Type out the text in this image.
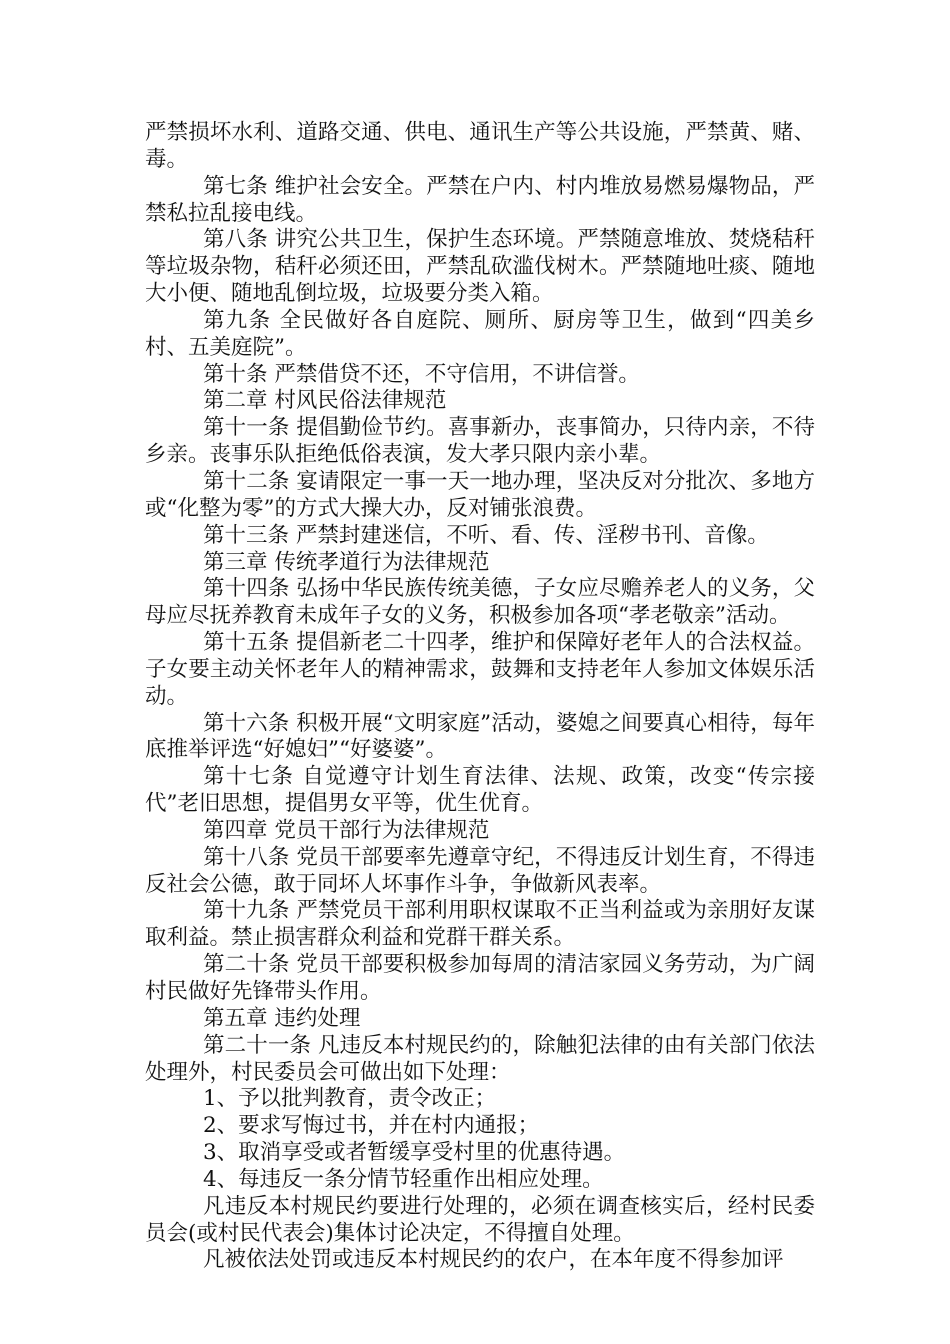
严禁损坏水利、道路交通、供电、通讯生产等公共设施，严禁黄、赌、毒。

第七条 维护社会安全。严禁在户内、村内堆放易燃易爆物品，严禁私拉乱接电线。

第八条 讲究公共卫生，保护生态环境。严禁随意堆放、焚烧秸秆等垃圾杂物，秸秆必须还田，严禁乱砍滥伐树木。严禁随地吐痰、随地大小便、随地乱倒垃圾，垃圾要分类入箱。

第九条 全民做好各自庭院、厕所、厨房等卫生，做到“四美乡村、五美庭院”。

第十条 严禁借贷不还，不守信用，不讲信誉。

第二章 村风民俗法律规范

第十一条 提倡勤俭节约。喜事新办，丧事简办，只待内亲，不待乡亲。丧事乐队拒绝低俗表演，发大孝只限内亲小辈。

第十二条 宴请限定一事一天一地办理，坚决反对分批次、多地方或“化整为零”的方式大操大办，反对铺张浪费。

第十三条 严禁封建迷信，不听、看、传、淫秽书刊、音像。

第三章 传统孝道行为法律规范

第十四条 弘扬中华民族传统美德，子女应尽赡养老人的义务，父母应尽抚养教育未成年子女的义务，积极参加各项“孝老敬亲”活动。

第十五条 提倡新老二十四孝，维护和保障好老年人的合法权益。子女要主动关怀老年人的精神需求，鼓舞和支持老年人参加文体娱乐活动。

第十六条 积极开展“文明家庭”活动，婆媳之间要真心相待，每年底推举评选“好媳妇”“好婆婆”。

第十七条 自觉遵守计划生育法律、法规、政策，改变“传宗接代”老旧思想，提倡男女平等，优生优育。

第四章 党员干部行为法律规范

第十八条 党员干部要率先遵章守纪，不得违反计划生育，不得违反社会公德，敢于同坏人坏事作斗争，争做新风表率。

第十九条 严禁党员干部利用职权谋取不正当利益或为亲朋好友谋取利益。禁止损害群众利益和党群干群关系。

第二十条 党员干部要积极参加每周的清洁家园义务劳动，为广阔村民做好先锋带头作用。

第五章 违约处理

第二十一条 凡违反本村规民约的，除触犯法律的由有关部门依法处理外，村民委员会可做出如下处理：

1、予以批判教育，责令改正；

2、要求写悔过书，并在村内通报；

3、取消享受或者暂缓享受村里的优惠待遇。

4、每违反一条分情节轻重作出相应处理。

凡违反本村规民约要进行处理的，必须在调查核实后，经村民委员会(或村民代表会)集体讨论决定，不得擅自处理。

凡被依法处罚或违反本村规民约的农户，在本年度不得参加评
